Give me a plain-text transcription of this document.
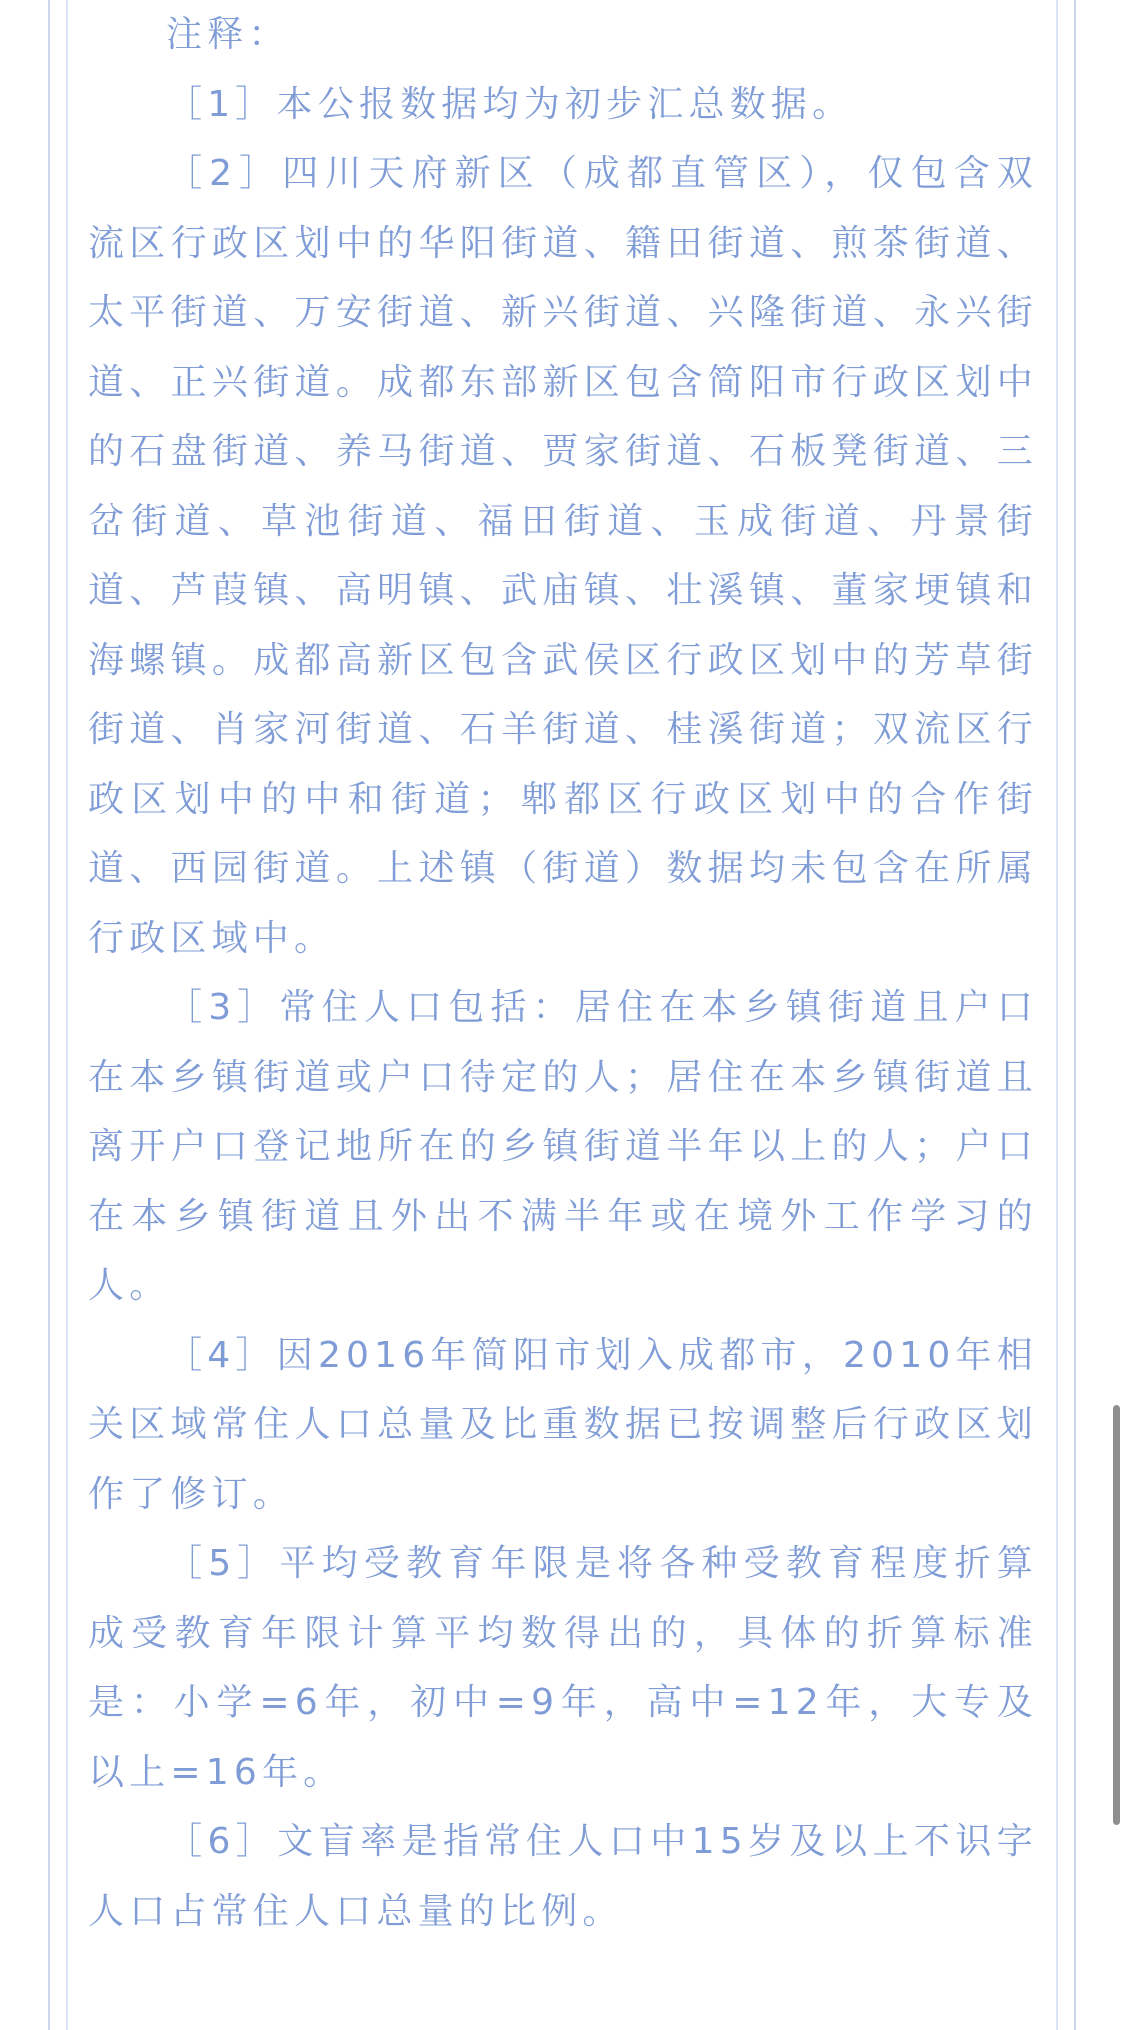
注释：

［1］本公报数据均为初步汇总数据。

［2］四川天府新区（成都直管区），仅包含双流区行政区划中的华阳街道、籍田街道、煎茶街道、太平街道、万安街道、新兴街道、兴隆街道、永兴街道、正兴街道。成都东部新区包含简阳市行政区划中的石盘街道、养马街道、贾家街道、石板凳街道、三岔街道、草池街道、福田街道、玉成街道、丹景街道、芦葭镇、高明镇、武庙镇、壮溪镇、董家埂镇和海螺镇。成都高新区包含武侯区行政区划中的芳草街街道、肖家河街道、石羊街道、桂溪街道；双流区行政区划中的中和街道；郫都区行政区划中的合作街道、西园街道。上述镇（街道）数据均未包含在所属行政区域中。

［3］常住人口包括：居住在本乡镇街道且户口在本乡镇街道或户口待定的人；居住在本乡镇街道且离开户口登记地所在的乡镇街道半年以上的人；户口在本乡镇街道且外出不满半年或在境外工作学习的人。

［4］因2016年简阳市划入成都市，2010年相关区域常住人口总量及比重数据已按调整后行政区划作了修订。

［5］平均受教育年限是将各种受教育程度折算成受教育年限计算平均数得出的，具体的折算标准是：小学=6年，初中=9年，高中=12年，大专及以上=16年。

［6］文盲率是指常住人口中15岁及以上不识字人口占常住人口总量的比例。
